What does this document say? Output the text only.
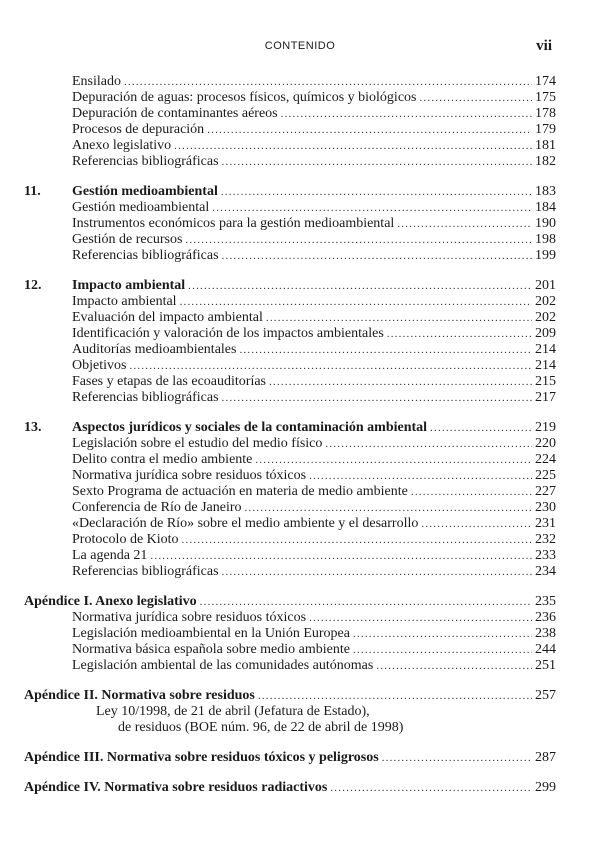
CONTENIDO	vii
Ensilado .....	174
Depuración de aguas: procesos físicos, químicos y biológicos .....	175
Depuración de contaminantes aéreos .....	178
Procesos de depuración .....	179
Anexo legislativo .....	181
Referencias bibliográficas .....	182
11.	Gestión medioambiental .....	183
Gestión medioambiental .....	184
Instrumentos económicos para la gestión medioambiental .....	190
Gestión de recursos .....	198
Referencias bibliográficas .....	199
12.	Impacto ambiental .....	201
Impacto ambiental .....	202
Evaluación del impacto ambiental .....	202
Identificación y valoración de los impactos ambientales .....	209
Auditorías medioambientales .....	214
Objetivos .....	214
Fases y etapas de las ecoauditorías .....	215
Referencias bibliográficas .....	217
13.	Aspectos jurídicos y sociales de la contaminación ambiental .....	219
Legislación sobre el estudio del medio físico .....	220
Delito contra el medio ambiente .....	224
Normativa jurídica sobre residuos tóxicos .....	225
Sexto Programa de actuación en materia de medio ambiente .....	227
Conferencia de Río de Janeiro .....	230
«Declaración de Río» sobre el medio ambiente y el desarrollo .....	231
Protocolo de Kioto .....	232
La agenda 21 .....	233
Referencias bibliográficas .....	234
Apéndice I. Anexo legislativo .....	235
Normativa jurídica sobre residuos tóxicos .....	236
Legislación medioambiental en la Unión Europea .....	238
Normativa básica española sobre medio ambiente .....	244
Legislación ambiental de las comunidades autónomas .....	251
Apéndice II. Normativa sobre residuos .....	257
Ley 10/1998, de 21 de abril (Jefatura de Estado),
de residuos (BOE núm. 96, de 22 de abril de 1998)
Apéndice III. Normativa sobre residuos tóxicos y peligrosos .....	287
Apéndice IV. Normativa sobre residuos radiactivos .....	299
